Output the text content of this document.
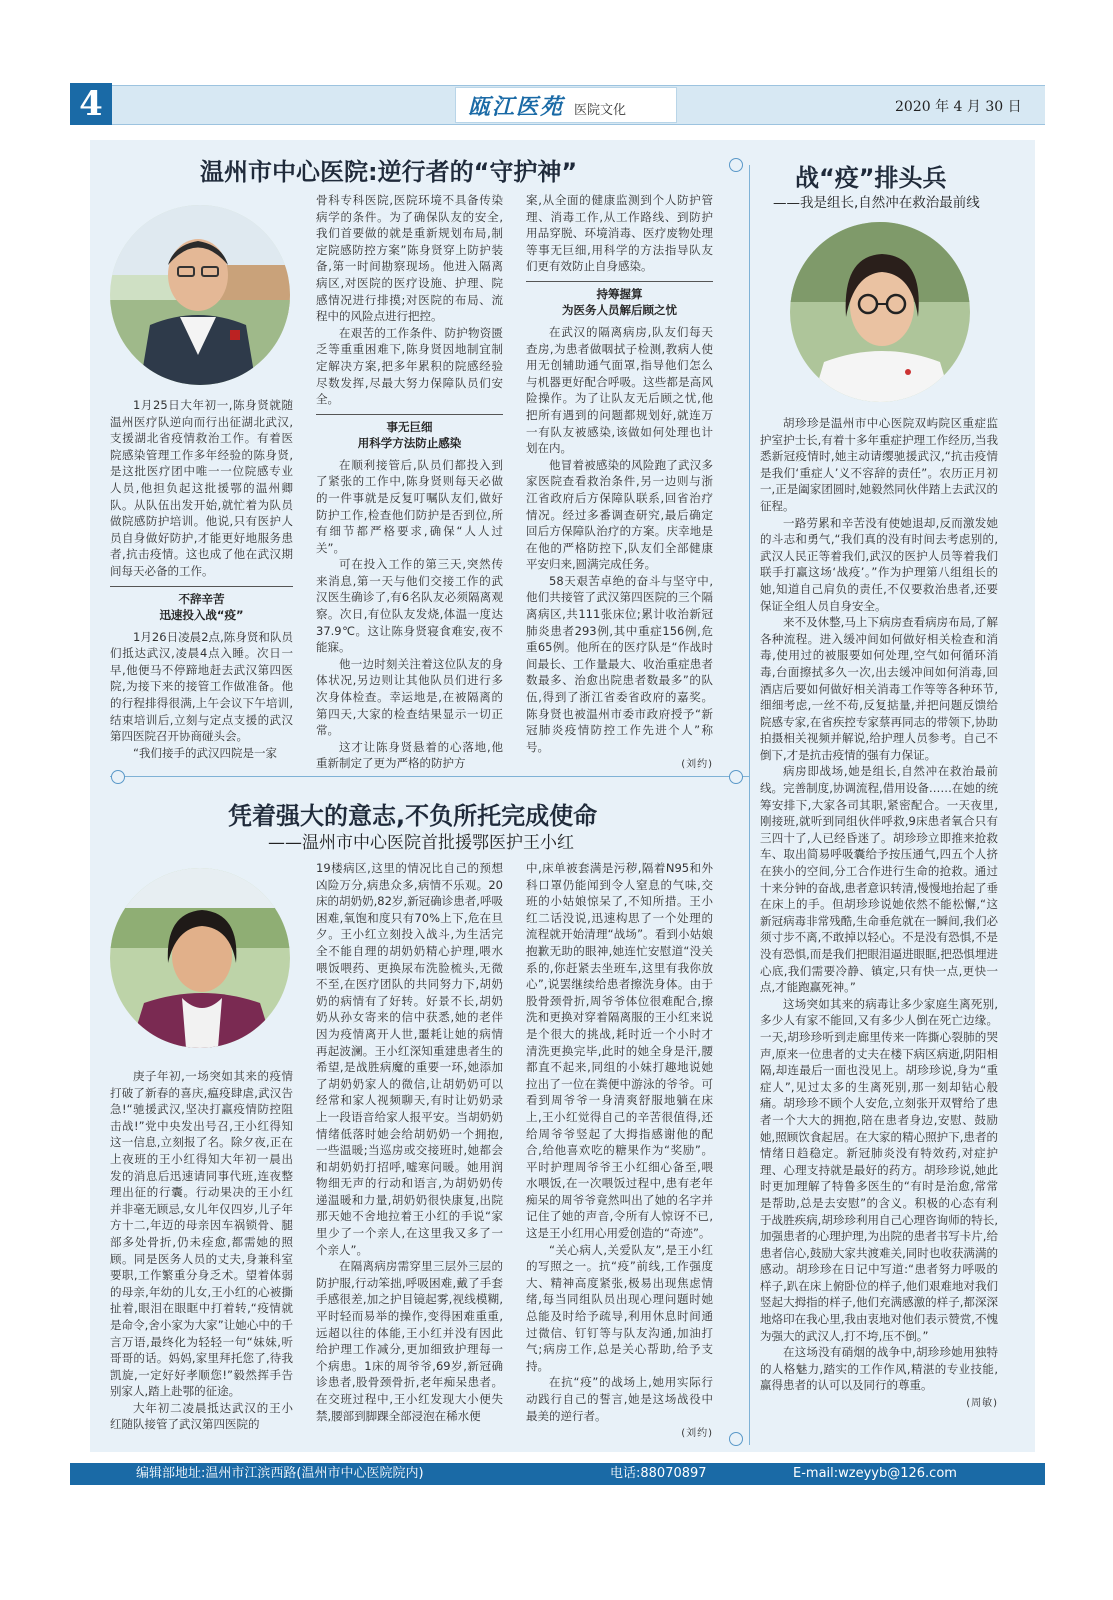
4	瓯江医苑 医院文化	2020 年 4 月 30 日
温州市中心医院:逆行者的“守护神”

1月25日大年初一,陈身贤就随温州医疗队逆向而行出征湖北武汉,支援湖北省疫情救治工作。有着医院感染管理工作多年经验的陈身贤,是这批医疗团中唯一一位院感专业人员,他担负起这批援鄂的温州卿队。从队伍出发开始,就忙着为队员做院感防护培训。他说,只有医护人员自身做好防护,才能更好地服务患者,抗击疫情。这也成了他在武汉期间每天必备的工作。

不辞辛苦
迅速投入战“疫”

1月26日凌晨2点,陈身贤和队员们抵达武汉,凌晨4点入睡。次日一早,他便马不停蹄地赶去武汉第四医院,为接下来的接管工作做准备。他的行程排得很满,上午会议下午培训,结束培训后,立刻与定点支援的武汉第四医院召开协商碰头会。

“我们接手的武汉四院是一家

骨科专科医院,医院环境不具备传染病学的条件。为了确保队友的安全,我们首要做的就是重新规划布局,制定院感防控方案”陈身贤穿上防护装备,第一时间勘察现场。他进入隔离病区,对医院的医疗设施、护理、院感情况进行排摸;对医院的布局、流程中的风险点进行把控。

在艰苦的工作条件、防护物资匮乏等重重困难下,陈身贤因地制宜制定解决方案,把多年累积的院感经验尽数发挥,尽最大努力保障队员们安全。

事无巨细
用科学方法防止感染

在顺利接管后,队员们都投入到了紧张的工作中,陈身贤则每天必做的一件事就是反复叮嘱队友们,做好防护工作,检查他们防护是否到位,所有细节都严格要求,确保“人人过关”。

可在投入工作的第三天,突然传来消息,第一天与他们交接工作的武汉医生确诊了,有6名队友必须隔离观察。次日,有位队友发烧,体温一度达37.9℃。这让陈身贤寝食难安,夜不能寐。

他一边时刻关注着这位队友的身体状况,另边则让其他队员们进行多次身体检查。幸运地是,在被隔离的第四天,大家的检查结果显示一切正常。

这才让陈身贤悬着的心落地,他重新制定了更为严格的防护方

案,从全面的健康监测到个人防护管理、消毒工作,从工作路线、到防护用品穿脱、环境消毒、医疗废物处理等事无巨细,用科学的方法指导队友们更有效防止自身感染。

持筹握算
为医务人员解后顾之忧

在武汉的隔离病房,队友们每天查房,为患者做咽拭子检测,教病人使用无创辅助通气面罩,指导他们怎么与机器更好配合呼吸。这些都是高风险操作。为了让队友无后顾之忧,他把所有遇到的问题都规划好,就连万一有队友被感染,该做如何处理也计划在内。

他冒着被感染的风险跑了武汉多家医院查看救治条件,另一边则与浙江省政府后方保障队联系,回省治疗情况。经过多番调查研究,最后确定回后方保障队治疗的方案。庆幸地是在他的严格防控下,队友们全部健康平安归来,圆满完成任务。

58天艰苦卓绝的奋斗与坚守中,他们共接管了武汉第四医院的三个隔离病区,共111张床位;累计收治新冠肺炎患者293例,其中重症156例,危重65例。他所在的医疗队是“作战时间最长、工作量最大、收治重症患者数最多、治愈出院患者数最多”的队伍,得到了浙江省委省政府的嘉奖。陈身贤也被温州市委市政府授予“新冠肺炎疫情防控工作先进个人”称号。

(刘约)
凭着强大的意志,不负所托完成使命
——温州市中心医院首批援鄂医护王小红

庚子年初,一场突如其来的疫情打破了新春的喜庆,瘟疫肆虐,武汉告急!“驰援武汉,坚决打赢疫情防控阻击战!”党中央发出号召,王小红得知这一信息,立刻报了名。除夕夜,正在上夜班的王小红得知大年初一晨出发的消息后迅速请同事代班,连夜整理出征的行囊。行动果决的王小红并非毫无顾忌,女儿年仅四岁,儿子年方十二,年迈的母亲因车祸锁骨、腿部多处骨折,仍未痊愈,都需她的照顾。同是医务人员的丈夫,身兼科室要职,工作繁重分身乏术。望着体弱的母亲,年幼的儿女,王小红的心被撕扯着,眼泪在眼眶中打着转,“疫情就是命令,舍小家为大家”让她心中的千言万语,最终化为轻轻一句“妹妹,听哥哥的话。妈妈,家里拜托您了,待我凯旋,一定好好孝顺您!”毅然挥手告别家人,踏上赴鄂的征途。

大年初二凌晨抵达武汉的王小红随队接管了武汉第四医院的

19楼病区,这里的情况比自己的预想凶险万分,病患众多,病情不乐观。20床的胡奶奶,82岁,新冠确诊患者,呼吸困难,氧饱和度只有70%上下,危在旦夕。王小红立刻投入战斗,为生活完全不能自理的胡奶奶精心护理,喂水喂饭喂药、更换尿布洗脸梳头,无微不至,在医疗团队的共同努力下,胡奶奶的病情有了好转。好景不长,胡奶奶从孙女寄来的信中获悉,她的老伴因为疫情离开人世,噩耗让她的病情再起波澜。王小红深知重建患者生的希望,是战胜病魔的重要一环,她添加了胡奶奶家人的微信,让胡奶奶可以经常和家人视频聊天,有时让奶奶录上一段语音给家人报平安。当胡奶奶情绪低落时她会给胡奶奶一个拥抱,一些温暖;当巡房或交接班时,她都会和胡奶奶打招呼,嘘寒问暖。她用润物细无声的行动和语言,为胡奶奶传递温暖和力量,胡奶奶很快康复,出院那天她不舍地拉着王小红的手说“家里少了一个亲人,在这里我又多了一个亲人”。

在隔离病房需穿里三层外三层的防护服,行动笨拙,呼吸困难,戴了手套手感很差,加之护目镜起雾,视线模糊,平时轻而易举的操作,变得困难重重,远超以往的体能,王小红并没有因此给护理工作减分,更加细致护理每一个病患。1床的周爷爷,69岁,新冠确诊患者,股骨颈骨折,老年痴呆患者。在交班过程中,王小红发现大小便失禁,腰部到脚踝全部浸泡在稀水便

中,床单被套满是污秽,隔着N95和外科口罩仍能闻到令人窒息的气味,交班的小姑娘惊呆了,不知所措。王小红二话没说,迅速构思了一个处理的流程就开始清理“战场”。看到小姑娘抱歉无助的眼神,她连忙安慰道“没关系的,你赶紧去坐班车,这里有我你放心”,说罢继续给患者擦洗身体。由于股骨颈骨折,周爷爷体位很难配合,擦洗和更换对穿着隔离服的王小红来说是个很大的挑战,耗时近一个小时才清洗更换完毕,此时的她全身是汗,腰都直不起来,同组的小妹打趣地说她拉出了一位在粪便中游泳的爷爷。可看到周爷爷一身清爽舒服地躺在床上,王小红觉得自己的辛苦很值得,还给周爷爷竖起了大拇指感谢他的配合,给他喜欢吃的糖果作为“奖励”。平时护理周爷爷王小红细心备至,喂水喂饭,在一次喂饭过程中,患有老年痴呆的周爷爷竟然叫出了她的名字并记住了她的声音,令所有人惊讶不已,这是王小红用心用爱创造的“奇迹”。

“关心病人,关爱队友”,是王小红的写照之一。抗“疫”前线,工作强度大、精神高度紧张,极易出现焦虑情绪,每当同组队员出现心理问题时她总能及时给予疏导,利用休息时间通过微信、钉钉等与队友沟通,加油打气;病房工作,总是关心帮助,给予支持。

在抗“疫”的战场上,她用实际行动践行自己的誓言,她是这场战役中最美的逆行者。

(刘约)
战“疫”排头兵
——我是组长,自然冲在救治最前线

胡珍珍是温州市中心医院双屿院区重症监护室护士长,有着十多年重症护理工作经历,当我悉新冠疫情时,她主动请缨驰援武汉,“抗击疫情是我们‘重症人’义不容辞的责任”。农历正月初一,正是阖家团圆时,她毅然同伙伴踏上去武汉的征程。

一路劳累和辛苦没有使她退却,反而激发她的斗志和勇气,“我们真的没有时间去考虑别的,武汉人民正等着我们,武汉的医护人员等着我们联手打赢这场‘战疫’。”作为护理第八组组长的她,知道自己肩负的责任,不仅要救治患者,还要保证全组人员自身安全。

来不及休整,马上下病房查看病房布局,了解各种流程。进入缓冲间如何做好相关检查和消毒,使用过的被服要如何处理,空气如何循环消毒,台面擦拭多久一次,出去缓冲间如何消毒,回酒店后要如何做好相关消毒工作等等各种环节,细细考虑,一丝不苟,反复掂量,并把问题反馈给院感专家,在省疾控专家蔡再同志的带领下,协助拍摄相关视频并解说,给护理人员参考。自己不倒下,才是抗击疫情的强有力保证。

病房即战场,她是组长,自然冲在救治最前线。完善制度,协调流程,借用设备……在她的统筹安排下,大家各司其职,紧密配合。一天夜里,刚接班,就听到同组伙伴呼救,9床患者氧合只有三四十了,人已经昏迷了。胡珍珍立即推来抢救车、取出简易呼吸囊给予按压通气,四五个人挤在狭小的空间,分工合作进行生命的抢救。通过十来分钟的奋战,患者意识转清,慢慢地抬起了垂在床上的手。但胡珍珍说她依然不能松懈,“这新冠病毒非常残酷,生命垂危就在一瞬间,我们必须寸步不离,不敢掉以轻心。不是没有恐惧,不是没有恐惧,而是我们把眼泪逼进眼眶,把恐惧埋进心底,我们需要冷静、镇定,只有快一点,更快一点,才能跑赢死神。”

这场突如其来的病毒让多少家庭生离死别,多少人有家不能回,又有多少人倒在死亡边缘。一天,胡珍珍听到走廊里传来一阵撕心裂肺的哭声,原来一位患者的丈夫在楼下病区病逝,阴阳相隔,却连最后一面也没见上。胡珍珍说,身为“重症人”,见过太多的生离死别,那一刻却钻心般痛。胡珍珍不顾个人安危,立刻张开双臂给了患者一个大大的拥抱,陪在患者身边,安慰、鼓励她,照顾饮食起居。在大家的精心照护下,患者的情绪日趋稳定。新冠肺炎没有特效药,对症护理、心理支持就是最好的药方。胡珍珍说,她此时更加理解了特鲁多医生的“有时是治愈,常常是帮助,总是去安慰”的含义。积极的心态有利于战胜疾病,胡珍珍利用自己心理咨询师的特长,加强患者的心理护理,为出院的患者书写卡片,给患者信心,鼓励大家共渡难关,同时也收获满满的感动。胡珍珍在日记中写道:“患者努力呼吸的样子,趴在床上俯卧位的样子,他们艰难地对我们竖起大拇指的样子,他们充满感激的样子,都深深地烙印在我心里,我由衷地对他们表示赞赏,不愧为强大的武汉人,打不垮,压不倒。”

在这场没有硝烟的战争中,胡珍珍她用独特的人格魅力,踏实的工作作风,精湛的专业技能,赢得患者的认可以及同行的尊重。

(周敏)
编辑部地址:温州市江滨西路(温州市中心医院院内)	电话:88070897	E-mail:wzeyyb@126.com
